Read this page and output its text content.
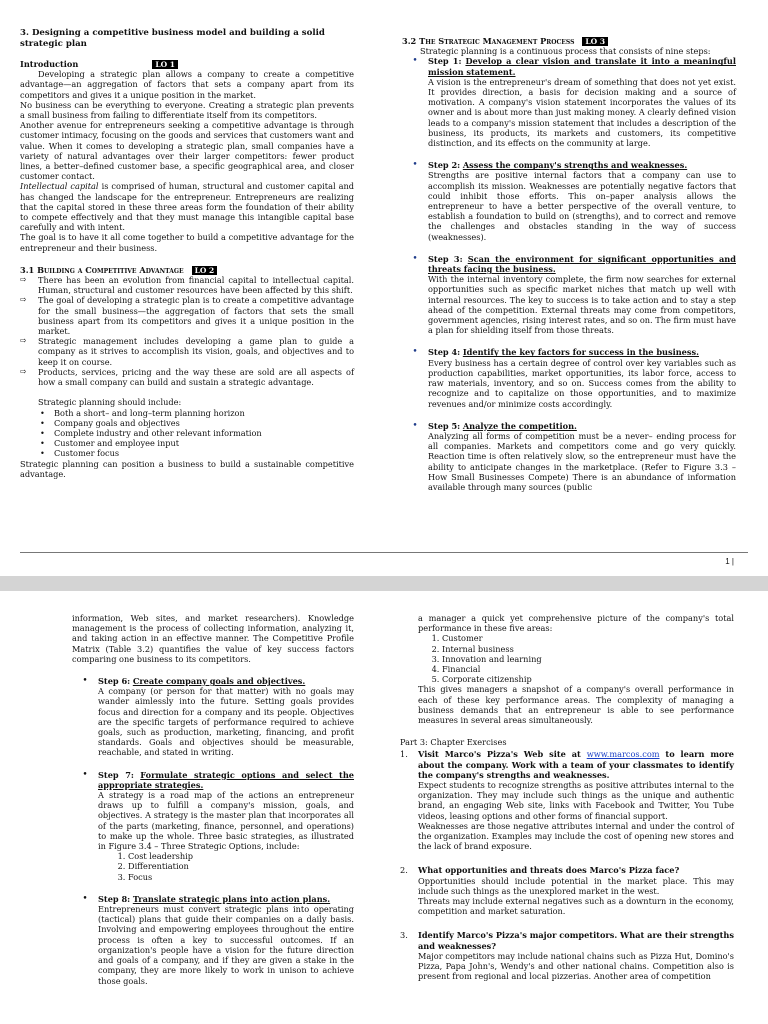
3. Designing a competitive business model and building a solid strategic plan
Introduction	LO 1

Developing a strategic plan allows a company to create a competitive advantage—an aggregation of factors that sets a company apart from its competitors and gives it a unique position in the market.

No business can be everything to everyone. Creating a strategic plan prevents a small business from failing to differentiate itself from its competitors.

Another avenue for entrepreneurs seeking a competitive advantage is through customer intimacy, focusing on the goods and services that customers want and value. When it comes to developing a strategic plan, small companies have a variety of natural advantages over their larger competitors: fewer product lines, a better–defined customer base, a specific geographical area, and closer customer contact.

Intellectual capital is comprised of human, structural and customer capital and has changed the landscape for the entrepreneur. Entrepreneurs are realizing that the capital stored in these three areas form the foundation of their ability to compete effectively and that they must manage this intangible capital base carefully and with intent.

The goal is to have it all come together to build a competitive advantage for the entrepreneur and their business.

3.1 Building a Competitive Advantage LO 2
⇨	There has been an evolution from financial capital to intellectual capital. Human, structural and customer resources have been affected by this shift.
⇨	The goal of developing a strategic plan is to create a competitive advantage for the small business—the aggregation of factors that sets the small business apart from its competitors and gives it a unique position in the market.
⇨	Strategic management includes developing a game plan to guide a company as it strives to accomplish its vision, goals, and objectives and to keep it on course.
⇨	Products, services, pricing and the way these are sold are all aspects of how a small company can build and sustain a strategic advantage.

Strategic planning should include:

• Both a short– and long–term planning horizon
• Company goals and objectives
• Complete industry and other relevant information
• Customer and employee input
• Customer focus

Strategic planning can position a business to build a sustainable competitive advantage.

3.2 The Strategic Management Process LO 3

Strategic planning is a continuous process that consists of nine steps:

•	Step 1: Develop a clear vision and translate it into a meaningful mission statement.

A vision is the entrepreneur's dream of something that does not yet exist. It provides direction, a basis for decision making and a source of motivation. A company's vision statement incorporates the values of its owner and is about more than just making money. A clearly defined vision leads to a company's mission statement that includes a description of the business, its products, its markets and customers, its competitive distinction, and its effects on the community at large.

•	Step 2: Assess the company's strengths and weaknesses.

Strengths are positive internal factors that a company can use to accomplish its mission. Weaknesses are potentially negative factors that could inhibit those efforts. This on–paper analysis allows the entrepreneur to have a better perspective of the overall venture, to establish a foundation to build on (strengths), and to correct and remove the challenges and obstacles standing in the way of success (weaknesses).

•	Step 3: Scan the environment for significant opportunities and threats facing the business.

With the internal inventory complete, the firm now searches for external opportunities such as specific market niches that match up well with internal resources. The key to success is to take action and to stay a step ahead of the competition. External threats may come from competitors, government agencies, rising interest rates, and so on. The firm must have a plan for shielding itself from those threats.

•	Step 4: Identify the key factors for success in the business.

Every business has a certain degree of control over key variables such as production capabilities, market opportunities, its labor force, access to raw materials, inventory, and so on. Success comes from the ability to recognize and to capitalize on those opportunities, and to maximize revenues and/or minimize costs accordingly.

•	Step 5: Analyze the competition.

Analyzing all forms of competition must be a never– ending process for all companies. Markets and competitors come and go very quickly. Reaction time is often relatively slow, so the entrepreneur must have the ability to anticipate changes in the marketplace. (Refer to Figure 3.3 – How Small Businesses Compete) There is an abundance of information available through many sources (public

1 |

information, Web sites, and market researchers). Knowledge management is the process of collecting information, analyzing it, and taking action in an effective manner. The Competitive Profile Matrix (Table 3.2) quantifies the value of key success factors comparing one business to its competitors.

•	Step 6: Create company goals and objectives.

A company (or person for that matter) with no goals may wander aimlessly into the future. Setting goals provides focus and direction for a company and its people. Objectives are the specific targets of performance required to achieve goals, such as production, marketing, financing, and profit standards. Goals and objectives should be measurable, reachable, and stated in writing.

•	Step 7: Formulate strategic options and select the appropriate strategies.

A strategy is a road map of the actions an entrepreneur draws up to fulfill a company's mission, goals, and objectives. A strategy is the master plan that incorporates all of the parts (marketing, finance, personnel, and operations) to make up the whole. Three basic strategies, as illustrated in Figure 3.4 – Three Strategic Options, include:

1. Cost leadership
2. Differentiation
3. Focus
•	Step 8: Translate strategic plans into action plans.

Entrepreneurs must convert strategic plans into operating (tactical) plans that guide their companies on a daily basis. Involving and empowering employees throughout the entire process is often a key to successful outcomes. If an organization's people have a vision for the future direction and goals of a company, and if they are given a stake in the company, they are more likely to work in unison to achieve those goals.

a manager a quick yet comprehensive picture of the company's total performance in these five areas:

1. Customer
2. Internal business
3. Innovation and learning
4. Financial
5. Corporate citizenship

This gives managers a snapshot of a company's overall performance in each of these key performance areas. The complexity of managing a business demands that an entrepreneur is able to see performance measures in several areas simultaneously.

Part 3: Chapter Exercises
1.	Visit Marco's Pizza's Web site at www.marcos.com to learn more about the company. Work with a team of your classmates to identify the company's strengths and weaknesses.

Expect students to recognize strengths as positive attributes internal to the organization. They may include such things as the unique and authentic brand, an engaging Web site, links with Facebook and Twitter, You Tube videos, leasing options and other forms of financial support.

Weaknesses are those negative attributes internal and under the control of the organization. Examples may include the cost of opening new stores and the lack of brand exposure.

2.	What opportunities and threats does Marco's Pizza face?

Opportunities should include potential in the market place. This may include such things as the unexplored market in the west.

Threats may include external negatives such as a downturn in the economy, competition and market saturation.

3.	Identify Marco's Pizza's major competitors. What are their strengths and weaknesses?

Major competitors may include national chains such as Pizza Hut, Domino's Pizza, Papa John's, Wendy's and other national chains. Competition also is present from regional and local pizzerias. Another area of competition
